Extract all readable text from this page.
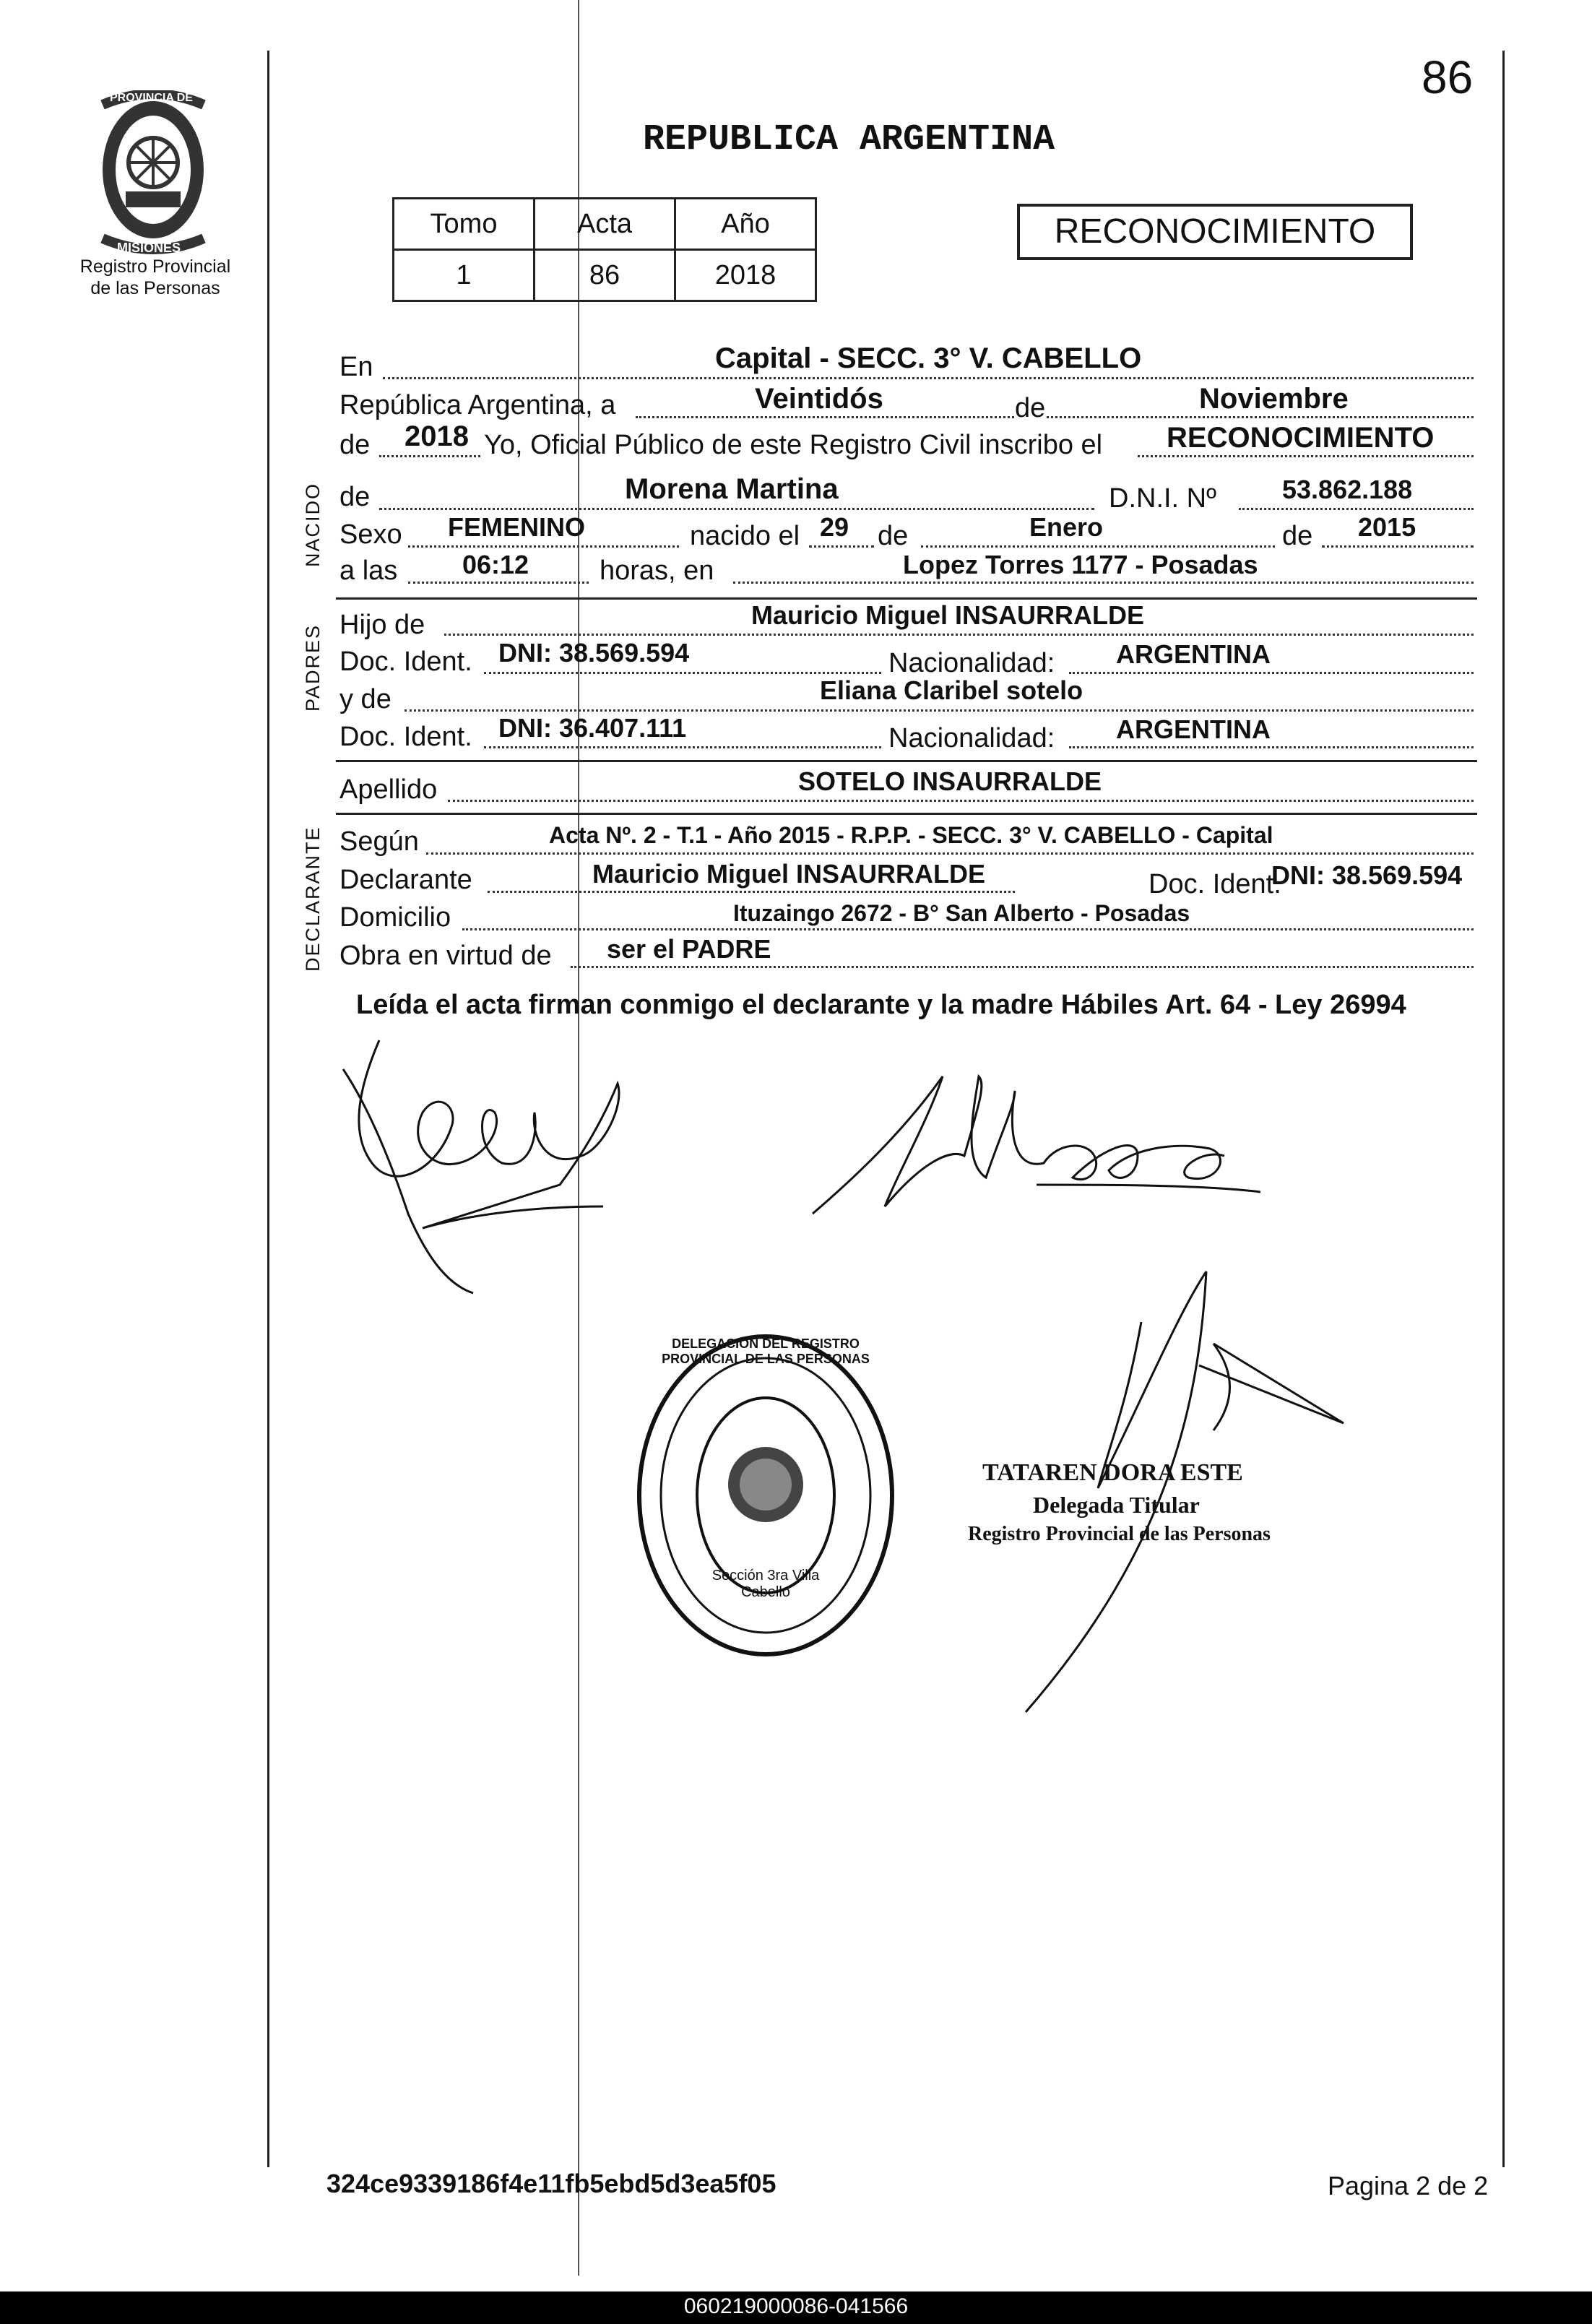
86
PROVINCIA DE
MISIONES
Registro Provincial
de las Personas
REPUBLICA ARGENTINA
RECONOCIMIENTO
Tomo	Acta	Año
1	86	2018
NACIDO
PADRES
DECLARANTE
En	Capital - SECC. 3° V. CABELLO
República Argentina, a	Veintidós	de	Noviembre
de 2018 Yo, Oficial Público de este Registro Civil inscribo el RECONOCIMIENTO
de	Morena Martina	D.N.I. Nº	53.862.188
Sexo FEMENINO	nacido el 29 de	Enero	de 2015
a las 06:12	horas, en	Lopez Torres 1177 - Posadas
Hijo de	Mauricio Miguel INSAURRALDE
Doc. Ident. DNI: 38.569.594	Nacionalidad: ARGENTINA
y de	Eliana Claribel sotelo
Doc. Ident. DNI: 36.407.111	Nacionalidad: ARGENTINA
Apellido	SOTELO INSAURRALDE
Según	Acta Nº. 2 - T.1 - Año 2015 - R.P.P. - SECC. 3° V. CABELLO - Capital
Declarante	Mauricio Miguel INSAURRALDE	Doc. Ident.
DNI: 38.569.594
Domicilio	Ituzaingo 2672 - B° San Alberto - Posadas
Obra en virtud de ser el PADRE
Leída el acta firman conmigo el declarante y la madre Hábiles Art. 64 - Ley 26994
DELEGACION DEL REGISTRO PROVINCIAL DE LAS PERSONAS
Sección 3ra Villa Cabello
TATAREN DORA ESTE
Delegada Titular
Registro Provincial de las Personas
324ce9339186f4e11fb5ebd5d3ea5f05	Pagina 2 de 2
060219000086-041566
